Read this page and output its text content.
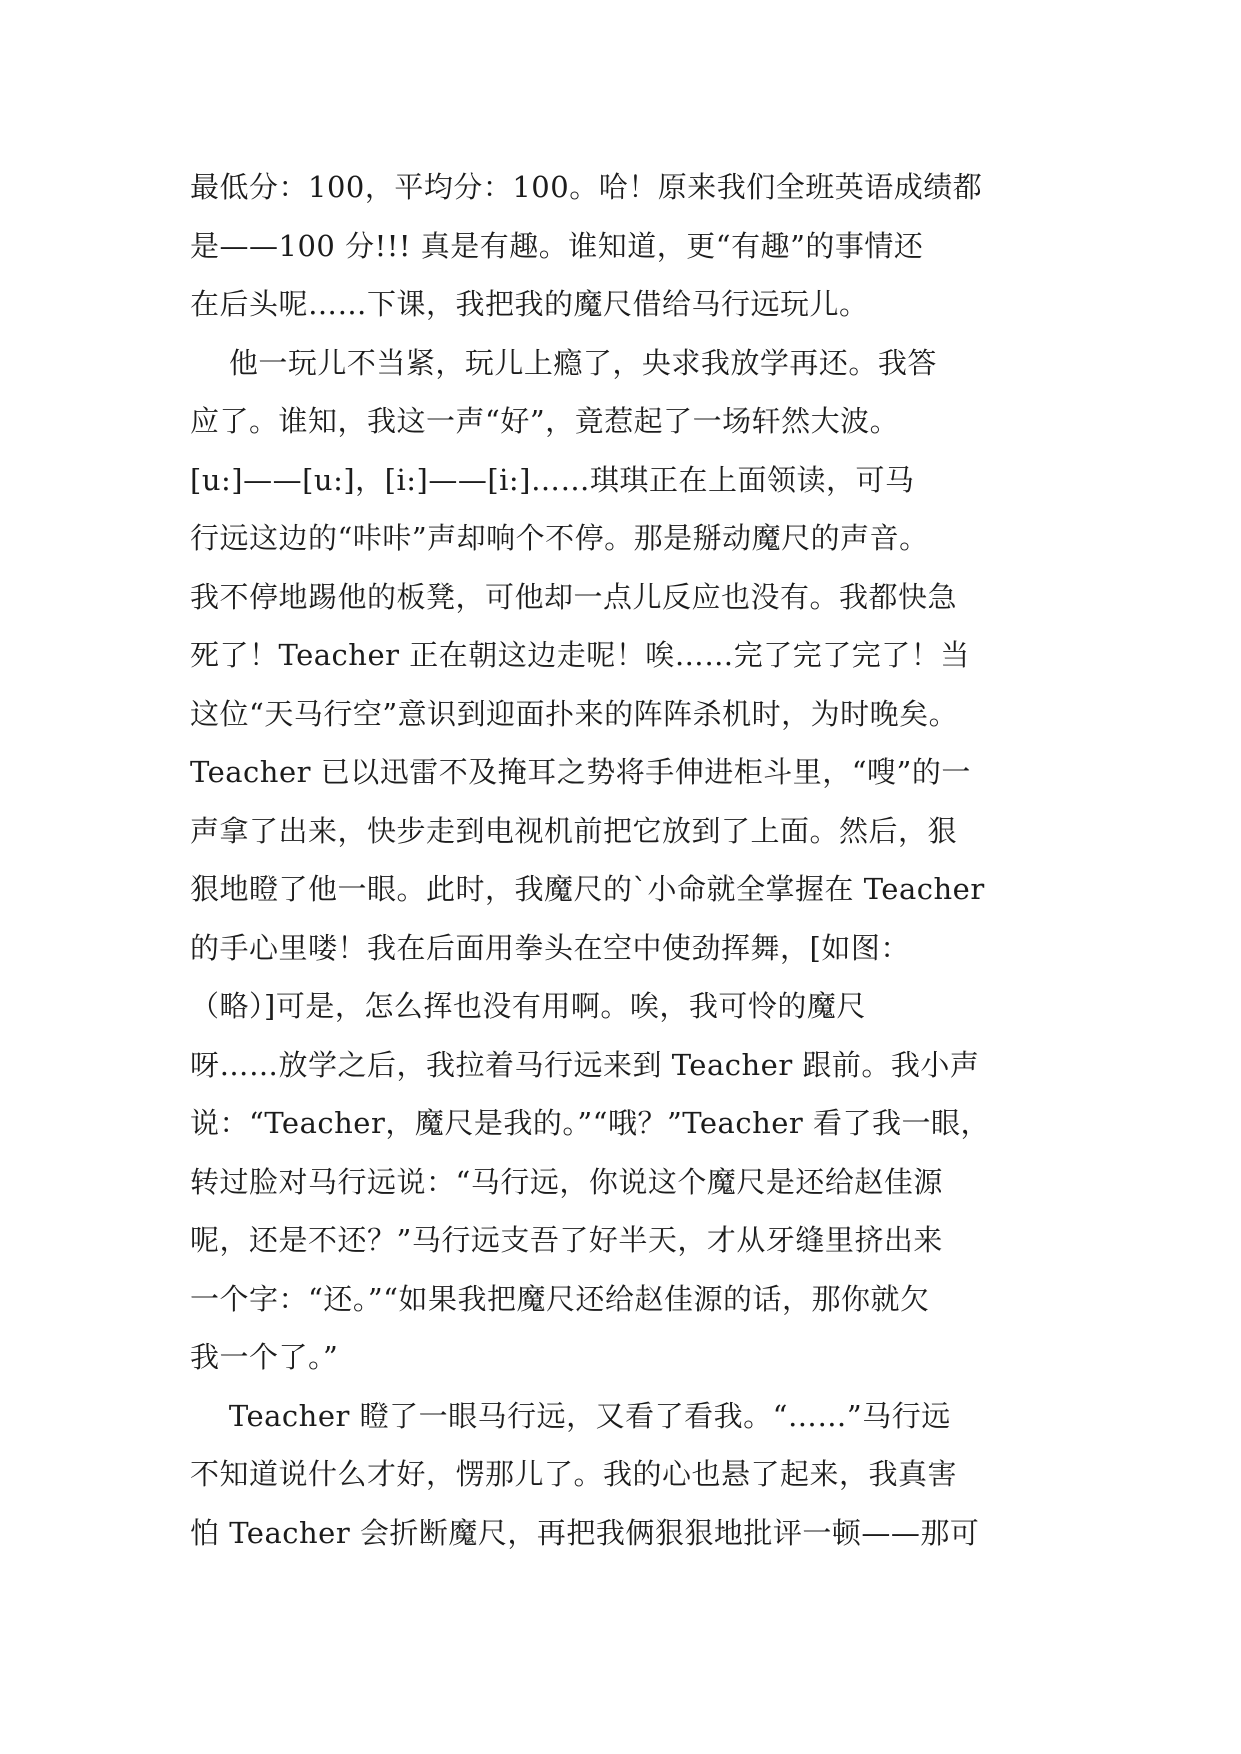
最低分：100，平均分：100。哈！原来我们全班英语成绩都
是——100 分!!! 真是有趣。谁知道，更“有趣”的事情还
在后头呢……下课，我把我的魔尺借给马行远玩儿。
他一玩儿不当紧，玩儿上瘾了，央求我放学再还。我答
应了。谁知，我这一声“好”，竟惹起了一场轩然大波。
[u:]——[u:]，[i:]——[i:]……琪琪正在上面领读，可马
行远这边的“咔咔”声却响个不停。那是掰动魔尺的声音。
我不停地踢他的板凳，可他却一点儿反应也没有。我都快急
死了！Teacher 正在朝这边走呢！唉……完了完了完了！当
这位“天马行空”意识到迎面扑来的阵阵杀机时，为时晚矣。
Teacher 已以迅雷不及掩耳之势将手伸进柜斗里，“嗖”的一
声拿了出来，快步走到电视机前把它放到了上面。然后，狠
狠地瞪了他一眼。此时，我魔尺的`小命就全掌握在 Teacher
的手心里喽！我在后面用拳头在空中使劲挥舞，[如图：
（略）]可是，怎么挥也没有用啊。唉，我可怜的魔尺
呀……放学之后，我拉着马行远来到 Teacher 跟前。我小声
说：“Teacher，魔尺是我的。”“哦？”Teacher 看了我一眼，
转过脸对马行远说：“马行远，你说这个魔尺是还给赵佳源
呢，还是不还？”马行远支吾了好半天，才从牙缝里挤出来
一个字：“还。”“如果我把魔尺还给赵佳源的话，那你就欠
我一个了。”
Teacher 瞪了一眼马行远，又看了看我。“……”马行远
不知道说什么才好，愣那儿了。我的心也悬了起来，我真害
怕 Teacher 会折断魔尺，再把我俩狠狠地批评一顿——那可
